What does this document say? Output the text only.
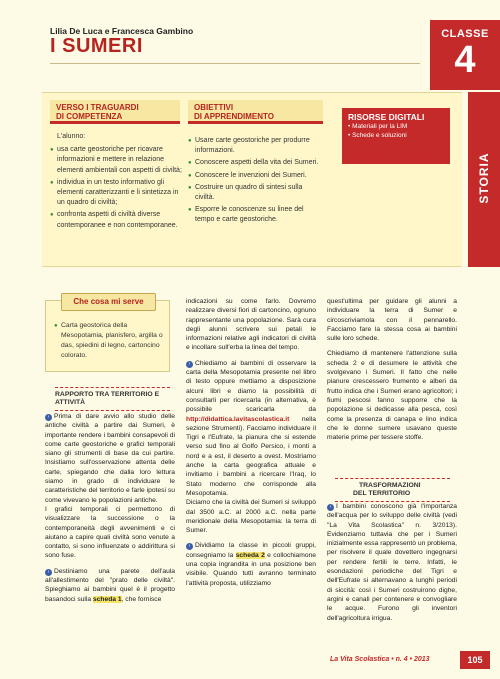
Lilia De Luca e Francesca Gambino
I SUMERI
CLASSE
4
VERSO I TRAGUARDI
DI COMPETENZA
L'alunno:
● usa carte geostoriche per ricavare informazioni e mettere in relazione elementi ambientali con aspetti di civiltà;
● individua in un testo informativo gli elementi caratterizzanti e li sintetizza in un quadro di civiltà;
● confronta aspetti di civiltà diverse contemporanee e non contemporanee.
OBIETTIVI
DI APPRENDIMENTO
● Usare carte geostoriche per produrre informazioni.
● Conoscere aspetti della vita dei Sumeri.
● Conoscere le invenzioni dei Sumeri.
● Costruire un quadro di sintesi sulla civiltà.
● Esporre le conoscenze su linee del tempo e carte geostoriche.
RISORSE DIGITALI
• Materiali per la LIM
• Schede e soluzioni
http://didattica.lavitascolastica.it	STORIA
Che cosa mi serve
● Carta geostorica della Mesopotamia, planisfero, argilla o das, spiedini di legno, cartoncino colorato.
RAPPORTO TRA TERRITORIO E ATTIVITÀ

› Prima di dare avvio allo studio delle antiche civiltà a partire dai Sumeri, è importante rendere i bambini consapevoli di come carte geostoriche e grafici temporali siano gli strumenti di base da cui partire. Insistiamo sull'osservazione attenta delle carte, spiegando che dalla loro lettura siamo in grado di individuare le caratteristiche del territorio e farle ipotesi su come vivevano le popolazioni antiche.

I grafici temporali ci permettono di visualizzare la successione o la contemporaneità degli avvenimenti e ci aiutano a capire quali civiltà sono venute a contatto, si sono influenzate o addirittura si sono fuse.

› Destiniamo una parete dell'aula all'allestimento del "prato delle civiltà". Spieghiamo ai bambini quel è il progetto basandoci sulla scheda 1, che fornisce

indicazioni su come farlo. Dovremo realizzare diversi fiori di cartoncino, ognuno rappresentante una popolazione. Sarà cura degli alunni scrivere sui petali le informazioni relative agli indicatori di civiltà e incollare sull'erba la linea del tempo.

› Chiediamo ai bambini di osservare la carta della Mesopotamia presente nel libro di testo oppure mettiamo a disposizione alcuni libri e diamo la possibilità di consultarli per ricercarla (in alternativa, è possibile scaricarla da http://didattica.lavitascolastica.it nella sezione Strumenti). Facciamo individuare il Tigri e l'Eufrate, la pianura che si estende verso sud fino al Golfo Persico, i monti a nord e a est, il deserto a ovest. Mostriamo anche la carta geografica attuale e invitiamo i bambini a ricercare l'Iraq, lo Stato moderno che corrisponde alla Mesopotamia.

Diciamo che la civiltà dei Sumeri si sviluppò dal 3500 a.C. al 2000 a.C. nella parte meridionale della Mesopotamia: la terra di Sumer.

› Dividiamo la classe in piccoli gruppi, consegniamo la scheda 2 e collochiamone una copia ingrandita in una posizione ben visibile. Quando tutti avranno terminato l'attività proposta, utilizziamo

quest'ultima per guidare gli alunni a individuare la terra di Sumer e circoscriviamola con il pennarello. Facciamo fare la stessa cosa ai bambini sulle loro schede.

Chiediamo di mantenere l'attenzione sulla scheda 2 e di desumere le attività che svolgevano i Sumeri. Il fatto che nelle pianure crescessero frumento e alberi da frutto indica che i Sumeri erano agricoltori; i fiumi pescosi fanno supporre che la popolazione si dedicasse alla pesca, così come la presenza di canapa e lino indica che le donne sumere usavano queste materie prime per tessere stoffe.

TRASFORMAZIONI
DEL TERRITORIO

› I bambini conoscono già l'importanza dell'acqua per lo sviluppo delle civiltà (vedi "La Vita Scolastica" n. 3/2013). Evidenziamo tuttavia che per i Sumeri inizialmente essa rappresentò un problema, per risolvere il quale dovettero ingegnarsi per rendere fertili le terre. Infatti, le esondazioni periodiche del Tigri e dell'Eufrate si alternavano a lunghi periodi di siccità: così i Sumeri costruirono dighe, argini e canali per contenere e convogliare le acque. Furono gli inventori dell'agricoltura irrigua.

La Vita Scolastica • n. 4 • 2013	105
